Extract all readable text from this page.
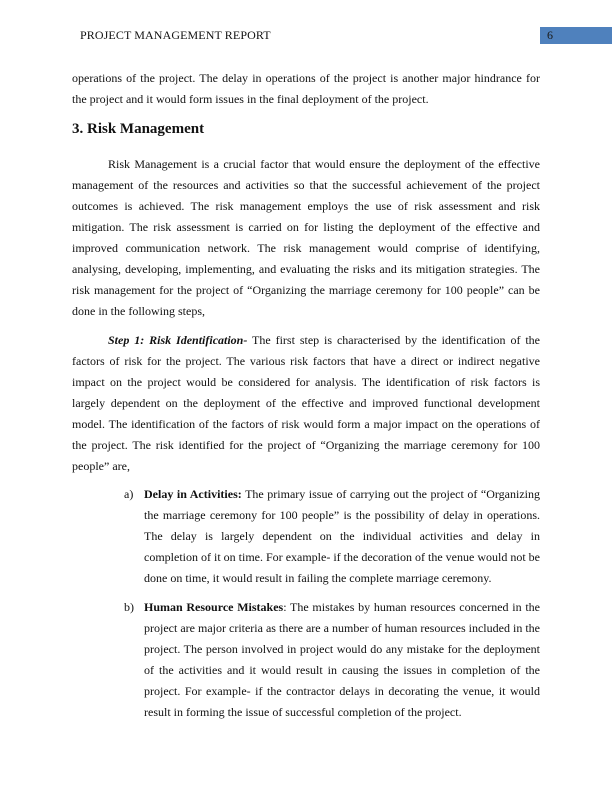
PROJECT MANAGEMENT REPORT	6
operations of the project. The delay in operations of the project is another major hindrance for the project and it would form issues in the final deployment of the project.
3. Risk Management
Risk Management is a crucial factor that would ensure the deployment of the effective management of the resources and activities so that the successful achievement of the project outcomes is achieved. The risk management employs the use of risk assessment and risk mitigation. The risk assessment is carried on for listing the deployment of the effective and improved communication network. The risk management would comprise of identifying, analysing, developing, implementing, and evaluating the risks and its mitigation strategies. The risk management for the project of “Organizing the marriage ceremony for 100 people” can be done in the following steps,
Step 1: Risk Identification- The first step is characterised by the identification of the factors of risk for the project. The various risk factors that have a direct or indirect negative impact on the project would be considered for analysis. The identification of risk factors is largely dependent on the deployment of the effective and improved functional development model. The identification of the factors of risk would form a major impact on the operations of the project. The risk identified for the project of “Organizing the marriage ceremony for 100 people” are,
a) Delay in Activities: The primary issue of carrying out the project of “Organizing the marriage ceremony for 100 people” is the possibility of delay in operations. The delay is largely dependent on the individual activities and delay in completion of it on time. For example- if the decoration of the venue would not be done on time, it would result in failing the complete marriage ceremony.
b) Human Resource Mistakes: The mistakes by human resources concerned in the project are major criteria as there are a number of human resources included in the project. The person involved in project would do any mistake for the deployment of the activities and it would result in causing the issues in completion of the project. For example- if the contractor delays in decorating the venue, it would result in forming the issue of successful completion of the project.
